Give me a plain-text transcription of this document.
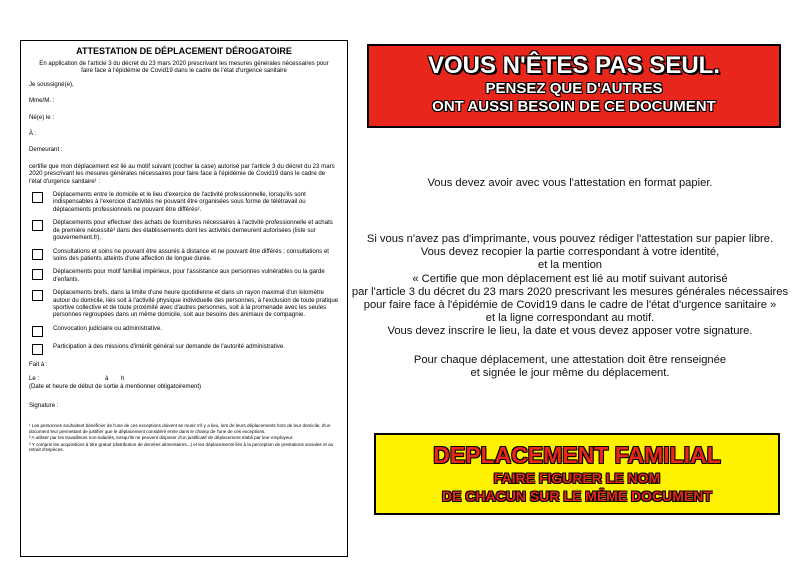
ATTESTATION DE DÉPLACEMENT DÉROGATOIRE
En application de l'article 3 du décret du 23 mars 2020 prescrivant les mesures générales nécessaires pour faire face à l'épidémie de Covid19 dans le cadre de l'état d'urgence sanitaire
Je soussigné(e),
Mme/M. :
Né(e) le :
À :
Demeurant :
certifie que mon déplacement est lié au motif suivant (cocher la case) autorisé par l'article 3 du décret du 23 mars 2020 prescrivant les mesures générales nécessaires pour faire face à l'épidémie de Covid19 dans le cadre de l'état d'urgence sanitaire¹ :
Déplacements entre le domicile et le lieu d'exercice de l'activité professionnelle, lorsqu'ils sont indispensables à l'exercice d'activités ne pouvant être organisées sous forme de télétravail ou déplacements professionnels ne pouvant être différés².
Déplacements pour effectuer des achats de fournitures nécessaires à l'activité professionnelle et achats de première nécessité³ dans des établissements dont les activités demeurent autorisées (liste sur gouvernement.fr).
Consultations et soins ne pouvant être assurés à distance et ne pouvant être différés ; consultations et soins des patients atteints d'une affection de longue durée.
Déplacements pour motif familial impérieux, pour l'assistance aux personnes vulnérables ou la garde d'enfants.
Déplacements brefs, dans la limite d'une heure quotidienne et dans un rayon maximal d'un kilomètre autour du domicile, liés soit à l'activité physique individuelle des personnes, à l'exclusion de toute pratique sportive collective et de toute proximité avec d'autres personnes, soit à la promenade avec les seules personnes regroupées dans un même domicile, soit aux besoins des animaux de compagnie.
Convocation judiciaire ou administrative.
Participation à des missions d'intérêt général sur demande de l'autorité administrative.
Fait à :
Le :	à	h
(Date et heure de début de sortie à mentionner obligatoirement)
Signature :
¹ Les personnes souhaitant bénéficier de l'une de ces exceptions doivent se munir s'il y a lieu, lors de leurs déplacements hors de leur domicile, d'un document leur permettant de justifier que le déplacement considéré entre dans le champ de l'une de ces exceptions.
² A utiliser par les travailleurs non-salariés, lorsqu'ils ne peuvent disposer d'un justificatif de déplacement établi par leur employeur.
³ Y compris les acquisitions à titre gratuit (distribution de denrées alimentaires...) et les déplacements liés à la perception de prestations sociales et au retrait d'espèces.
VOUS N'ÊTES PAS SEUL.
PENSEZ QUE D'AUTRES
ONT AUSSI BESOIN DE CE DOCUMENT
Vous devez avoir avec vous l'attestation en format papier.
Si vous n'avez pas d'imprimante, vous pouvez rédiger l'attestation sur papier libre.
Vous devez recopier la partie correspondant à votre identité,
et la mention
« Certifie que mon déplacement est lié au motif suivant autorisé
par l'article 3 du décret du 23 mars 2020 prescrivant les mesures générales nécessaires
pour faire face à l'épidémie de Covid19 dans le cadre de l'état d'urgence sanitaire »
et la ligne correspondant au motif.
Vous devez inscrire le lieu, la date et vous devez apposer votre signature.
Pour chaque déplacement, une attestation doit être renseignée
et signée le jour même du déplacement.
DEPLACEMENT FAMILIAL
FAIRE FIGURER LE NOM
DE CHACUN SUR LE MÊME DOCUMENT
